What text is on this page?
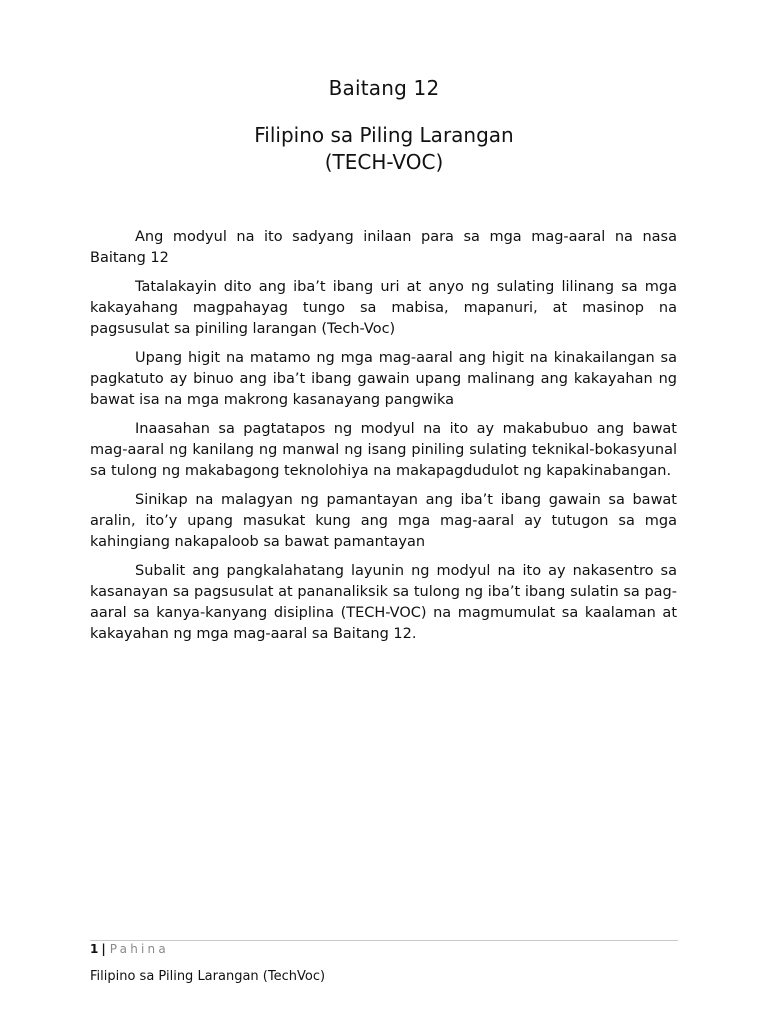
Baitang 12
Filipino sa Piling Larangan
(TECH-VOC)

Ang modyul na ito sadyang inilaan para sa mga mag-aaral na nasa Baitang 12

Tatalakayin dito ang iba’t ibang uri at anyo ng sulating lilinang sa mga kakayahang magpahayag tungo sa mabisa, mapanuri, at masinop na pagsusulat sa piniling larangan (Tech-Voc)

Upang higit na matamo ng mga mag-aaral ang higit na kinakailangan sa pagkatuto ay binuo ang iba’t ibang gawain upang malinang ang kakayahan ng bawat isa na mga makrong kasanayang pangwika

Inaasahan sa pagtatapos ng modyul na ito ay makabubuo ang bawat mag-aaral ng kanilang ng manwal ng isang piniling sulating teknikal-bokasyunal sa tulong ng makabagong teknolohiya na makapagdudulot ng kapakinabangan.

Sinikap na malagyan ng pamantayan ang iba’t ibang gawain sa bawat aralin, ito’y upang masukat kung ang mga mag-aaral ay tutugon sa mga kahingiang nakapaloob sa bawat pamantayan

Subalit ang pangkalahatang layunin ng modyul na ito ay nakasentro sa kasanayan sa pagsusulat at pananaliksik sa tulong ng iba’t ibang sulatin sa pag-aaral sa kanya-kanyang disiplina (TECH-VOC) na magmumulat sa kaalaman at kakayahan ng mga mag-aaral sa Baitang 12.

1 | Pahina
Filipino sa Piling Larangan (TechVoc)
